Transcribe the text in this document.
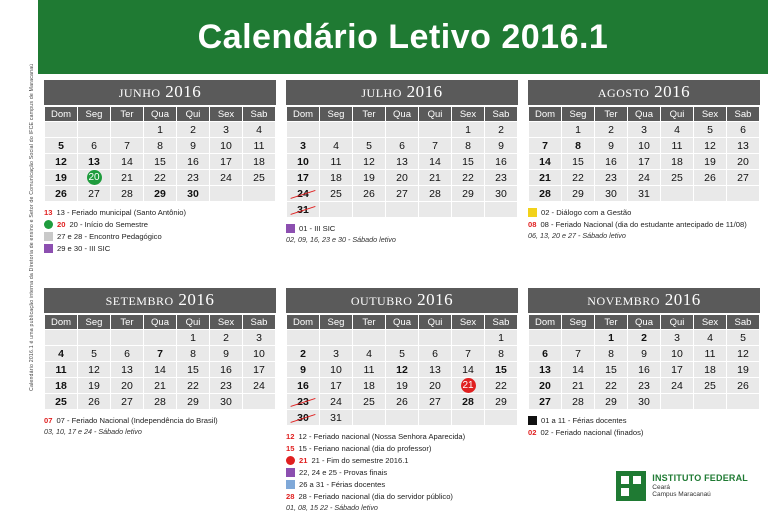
Calendário 2016.1 é uma publicação interna da Diretoria de ensino e Setor de Comunicação Social do IFCE campus de Maracanaú
Calendário Letivo 2016.1
junho 2016
Dom	Seg	Ter	Qua	Qui	Sex	Sab
			1	2	3	4
5	6	7	8	9	10	11
12	13	14	15	16	17	18
19	20	21	22	23	24	25
26	27	28	29	30		
13 13 - Feriado municipal (Santo Antônio)
20 20 - Início do Semestre
27 e 28 - Encontro Pedagógico
29 e 30 - III SIC
julho 2016
Dom	Seg	Ter	Qua	Qui	Sex	Sab
					1	2
3	4	5	6	7	8	9
10	11	12	13	14	15	16
17	18	19	20	21	22	23
24	25	26	27	28	29	30
31						
01 - III SIC
02, 09, 16, 23 e 30 - Sábado letivo
agosto 2016
Dom	Seg	Ter	Qua	Qui	Sex	Sab
	1	2	3	4	5	6
7	8	9	10	11	12	13
14	15	16	17	18	19	20
21	22	23	24	25	26	27
28	29	30	31			
02 - Diálogo com a Gestão
08 08 - Feriado Nacional (dia do estudante antecipado de 11/08)
06, 13, 20 e 27 - Sábado letivo
setembro 2016
Dom	Seg	Ter	Qua	Qui	Sex	Sab
				1	2	3
4	5	6	7	8	9	10
11	12	13	14	15	16	17
18	19	20	21	22	23	24
25	26	27	28	29	30	
07 07 - Feriado Nacional (Independência do Brasil)
03, 10, 17 e 24 - Sábado letivo
outubro 2016
Dom	Seg	Ter	Qua	Qui	Sex	Sab
						1
2	3	4	5	6	7	8
9	10	11	12	13	14	15
16	17	18	19	20	21	22
23	24	25	26	27	28	29
30	31					
12 12 - Feriado nacional (Nossa Senhora Aparecida)
15 15 - Feriano nacional (dia do professor)
21 21 - Fim do semestre 2016.1
22, 24 e 25 - Provas finais
26 a 31 - Férias docentes
28 28 - Feriado nacional (dia do servidor público)
01, 08, 15 22 - Sábado letivo
novembro 2016
Dom	Seg	Ter	Qua	Qui	Sex	Sab
		1	2	3	4	5
6	7	8	9	10	11	12
13	14	15	16	17	18	19
20	21	22	23	24	25	26
27	28	29	30			
01 a 11 - Férias docentes
02 02 - Feriado nacional (finados)
INSTITUTO FEDERAL
Ceará
Campus Maracanaú
